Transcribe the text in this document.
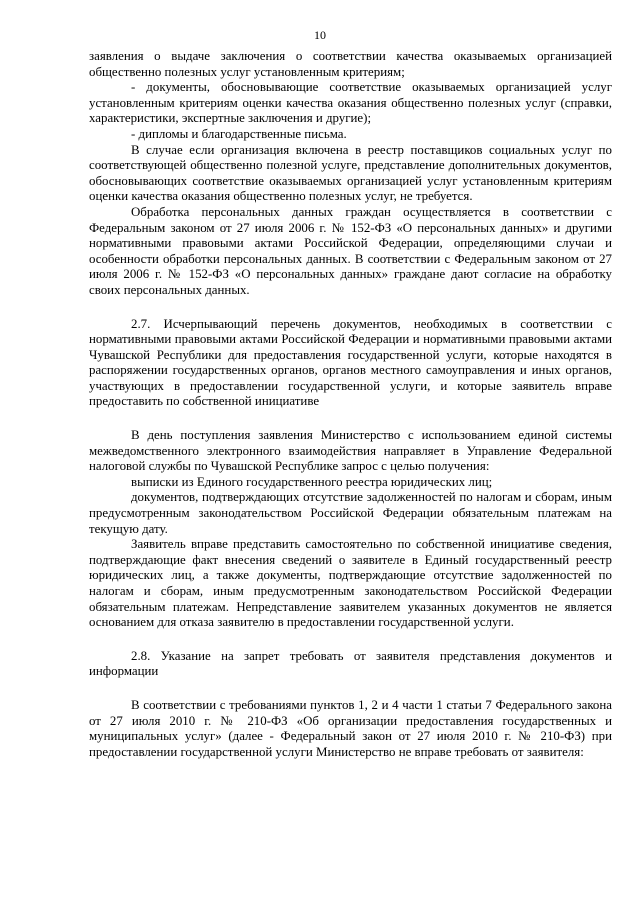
10

заявления о выдаче заключения о соответствии качества оказываемых организацией общественно полезных услуг установленным критериям;

- документы, обосновывающие соответствие оказываемых организацией услуг установленным критериям оценки качества оказания общественно полезных услуг (справки, характеристики, экспертные заключения и другие);

- дипломы и благодарственные письма.

В случае если организация включена в реестр поставщиков социальных услуг по соответствующей общественно полезной услуге, представление дополнительных документов, обосновывающих соответствие оказываемых организацией услуг установленным критериям оценки качества оказания общественно полезных услуг, не требуется.

Обработка персональных данных граждан осуществляется в соответствии с Федеральным законом от 27 июля 2006 г. № 152-ФЗ «О персональных данных» и другими нормативными правовыми актами Российской Федерации, определяющими случаи и особенности обработки персональных данных. В соответствии с Федеральным законом от 27 июля 2006 г. № 152-ФЗ «О персональных данных» граждане дают согласие на обработку своих персональных данных.

2.7. Исчерпывающий перечень документов, необходимых в соответствии с нормативными правовыми актами Российской Федерации и нормативными правовыми актами Чувашской Республики для предоставления государственной услуги, которые находятся в распоряжении государственных органов, органов местного самоуправления и иных органов, участвующих в предоставлении государственной услуги, и которые заявитель вправе предоставить по собственной инициативе

В день поступления заявления Министерство с использованием единой системы межведомственного электронного взаимодействия направляет в Управление Федеральной налоговой службы по Чувашской Республике запрос с целью получения:

выписки из Единого государственного реестра юридических лиц;

документов, подтверждающих отсутствие задолженностей по налогам и сборам, иным предусмотренным законодательством Российской Федерации обязательным платежам на текущую дату.

Заявитель вправе представить самостоятельно по собственной инициативе сведения, подтверждающие факт внесения сведений о заявителе в Единый государственный реестр юридических лиц, а также документы, подтверждающие отсутствие задолженностей по налогам и сборам, иным предусмотренным законодательством Российской Федерации обязательным платежам. Непредставление заявителем указанных документов не является основанием для отказа заявителю в предоставлении государственной услуги.

2.8. Указание на запрет требовать от заявителя представления документов и информации

В соответствии с требованиями пунктов 1, 2 и 4 части 1 статьи 7 Федерального закона от 27 июля 2010 г. № 210-ФЗ «Об организации предоставления государственных и муниципальных услуг» (далее - Федеральный закон от 27 июля 2010 г. № 210-ФЗ) при предоставлении государственной услуги Министерство не вправе требовать от заявителя:
